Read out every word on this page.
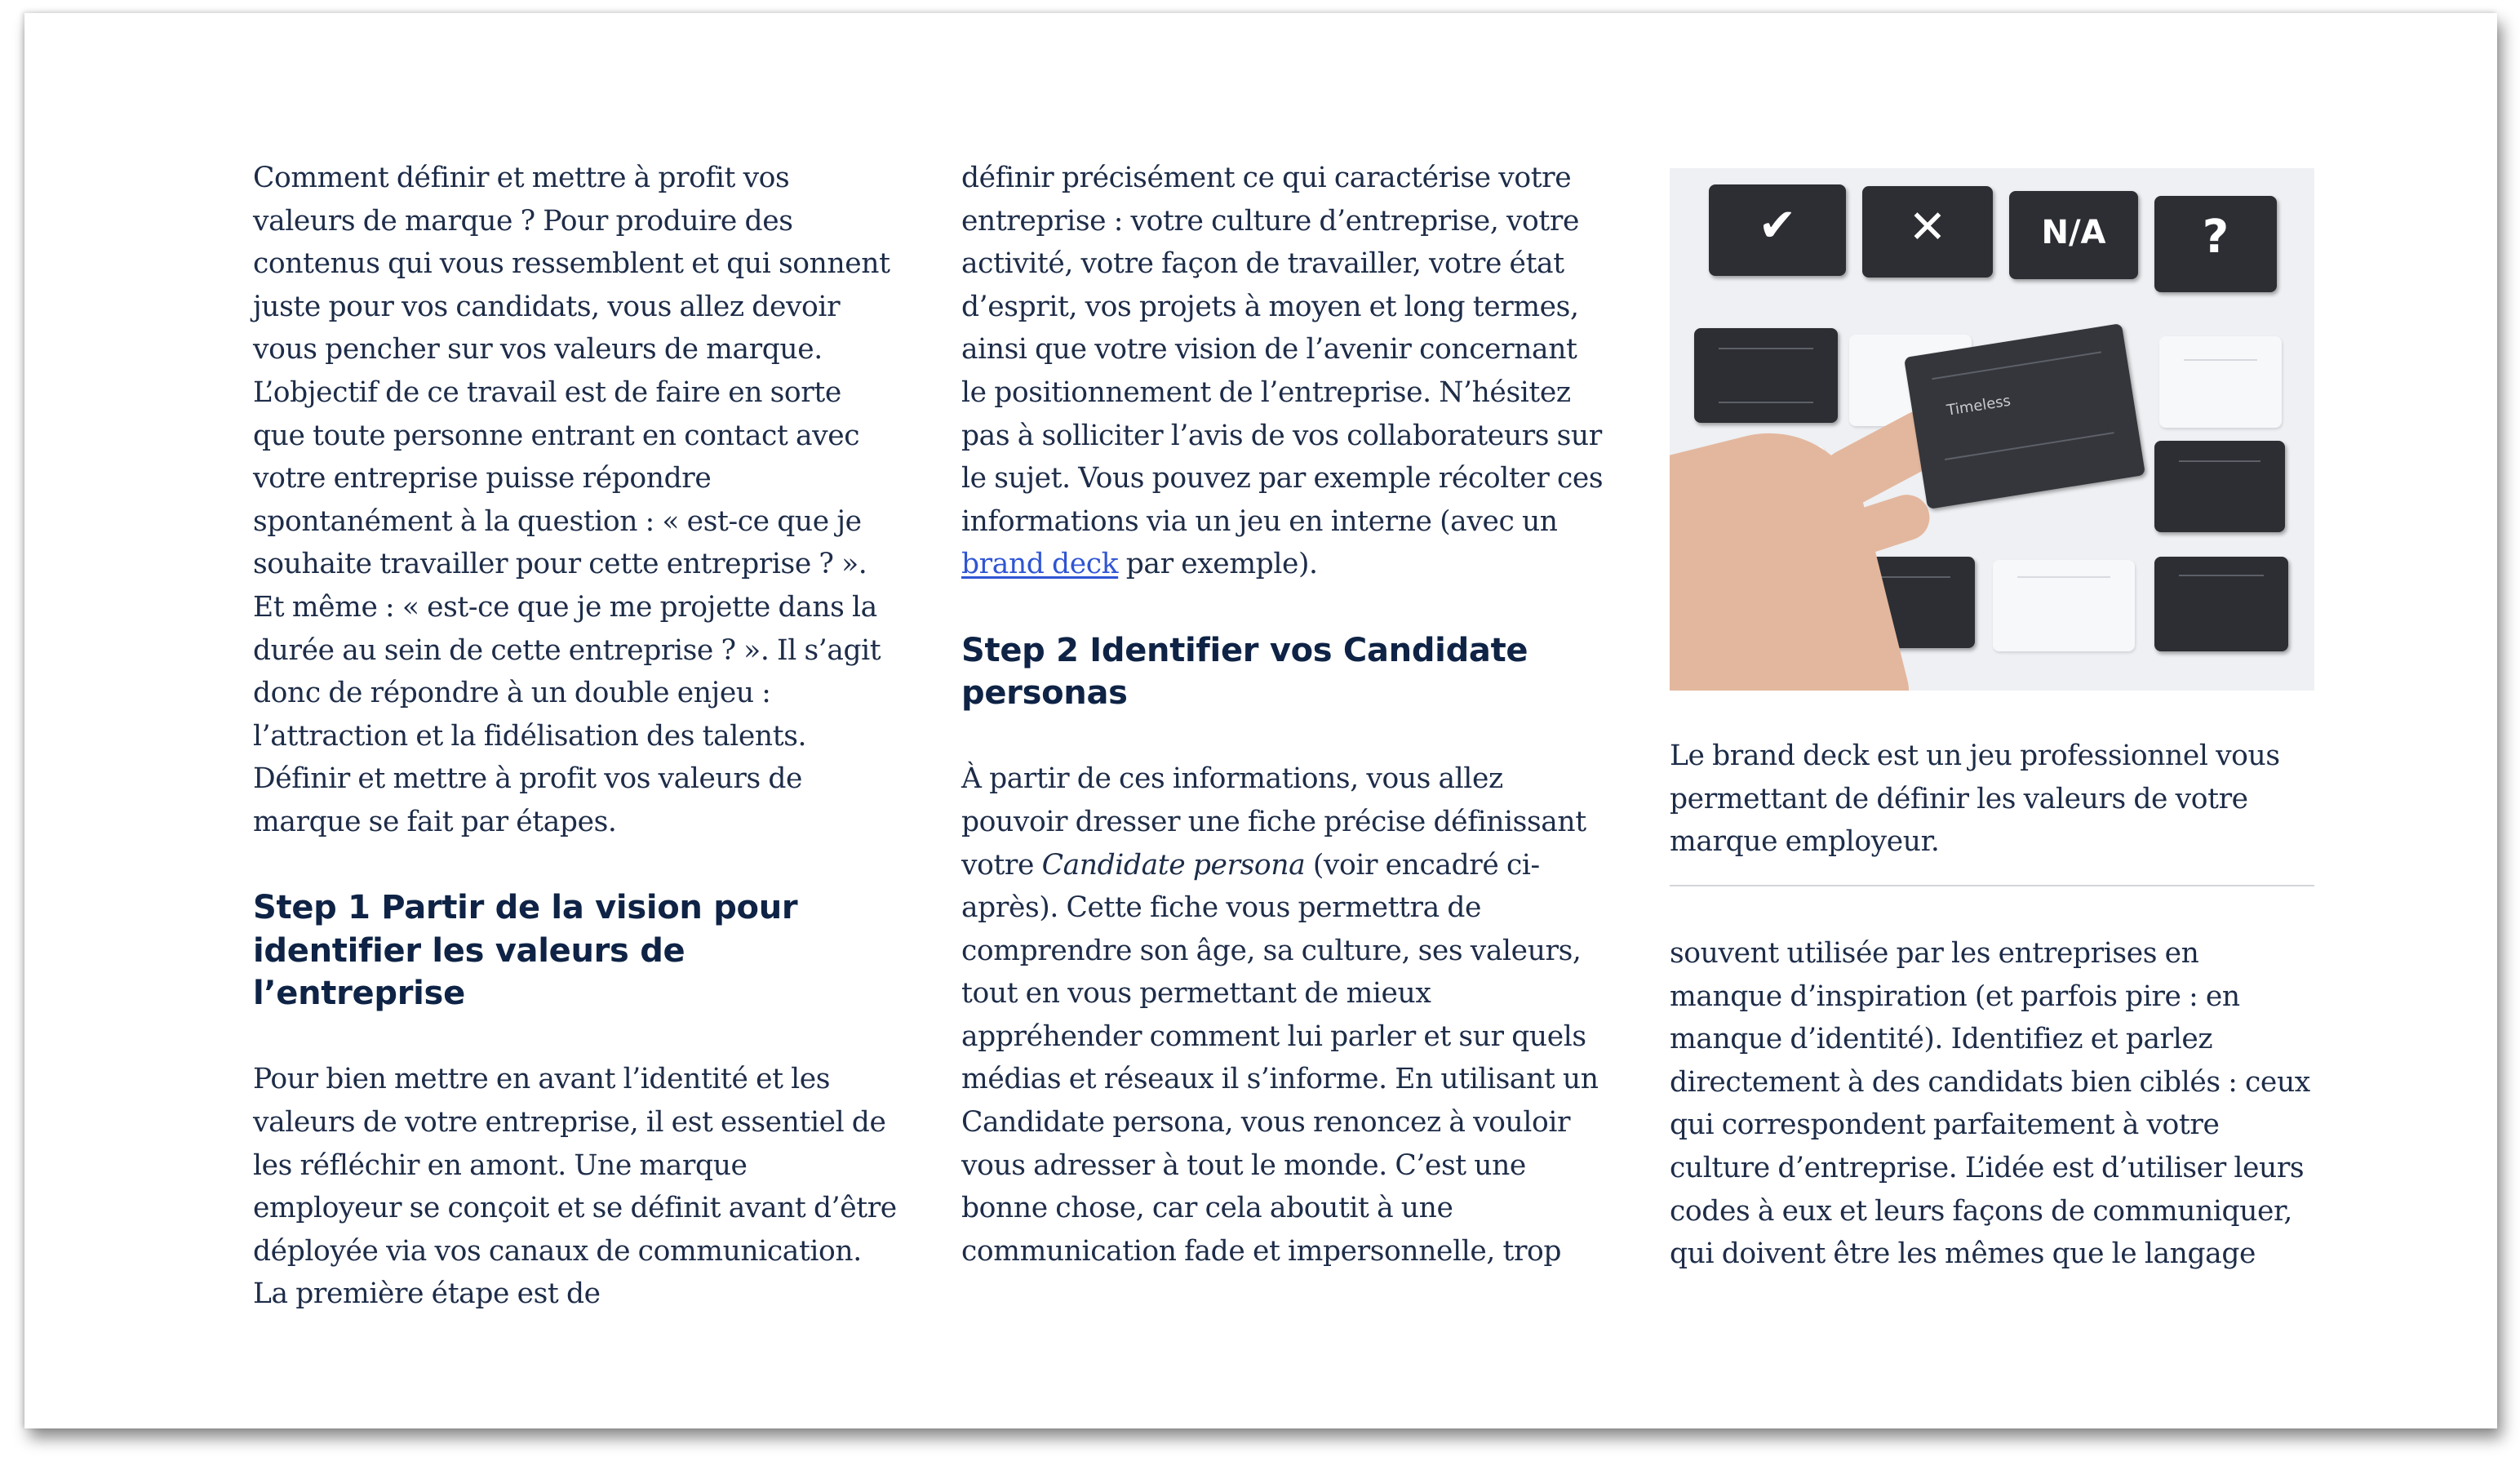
Comment définir et mettre à profit vos valeurs de marque ? Pour produire des contenus qui vous ressemblent et qui sonnent juste pour vos candidats, vous allez devoir vous pencher sur vos valeurs de marque. L’objectif de ce travail est de faire en sorte que toute personne entrant en contact avec votre entreprise puisse répondre spontanément à la question : « est-ce que je souhaite travailler pour cette entreprise ? ». Et même : « est-ce que je me projette dans la durée au sein de cette entreprise ? ». Il s’agit donc de répondre à un double enjeu : l’attraction et la fidélisation des talents. Définir et mettre à profit vos valeurs de marque se fait par étapes.

Step 1 Partir de la vision pour identifier les valeurs de l’entreprise

Pour bien mettre en avant l’identité et les valeurs de votre entreprise, il est essentiel de les réfléchir en amont. Une marque employeur se conçoit et se définit avant d’être déployée via vos canaux de communication. La première étape est de

définir précisément ce qui caractérise votre entreprise : votre culture d’entreprise, votre activité, votre façon de travailler, votre état d’esprit, vos projets à moyen et long termes, ainsi que votre vision de l’avenir concernant le positionnement de l’entreprise. N’hésitez pas à solliciter l’avis de vos collaborateurs sur le sujet. Vous pouvez par exemple récolter ces informations via un jeu en interne (avec un brand deck par exemple).

Step 2 Identifier vos Candidate personas

À partir de ces informations, vous allez pouvoir dresser une fiche précise définissant votre Candidate persona (voir encadré ci-après). Cette fiche vous permettra de comprendre son âge, sa culture, ses valeurs, tout en vous permettant de mieux appréhender comment lui parler et sur quels médias et réseaux il s’informe. En utilisant un Candidate persona, vous renoncez à vouloir vous adresser à tout le monde. C’est une bonne chose, car cela aboutit à une communication fade et impersonnelle, trop

✔	✕	N/A	?
Timeless

Le brand deck est un jeu professionnel vous permettant de définir les valeurs de votre marque employeur.

souvent utilisée par les entreprises en manque d’inspiration (et parfois pire : en manque d’identité). Identifiez et parlez directement à des candidats bien ciblés : ceux qui correspondent parfaitement à votre culture d’entreprise. L’idée est d’utiliser leurs codes à eux et leurs façons de communiquer, qui doivent être les mêmes que le langage
